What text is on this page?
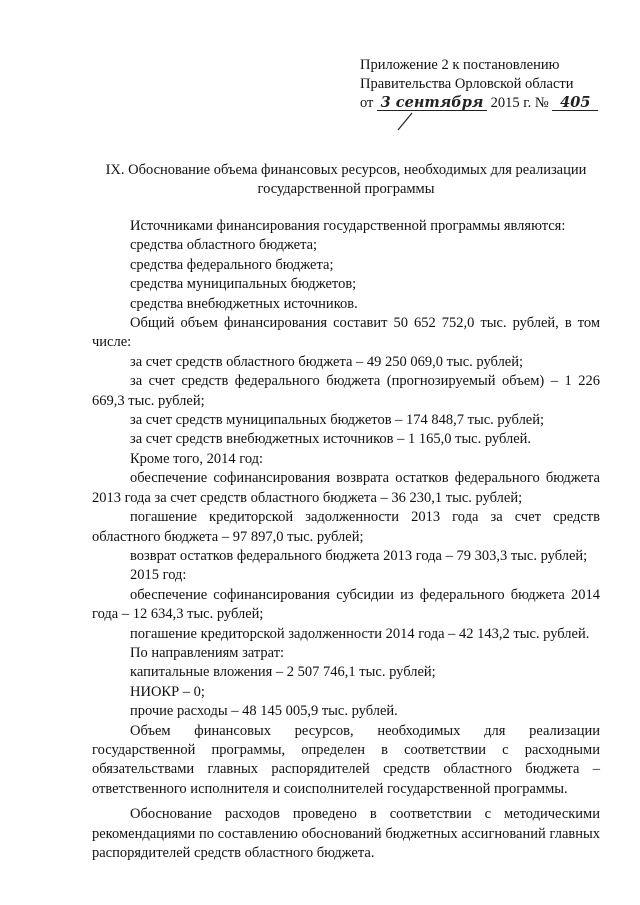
Приложение 2 к постановлению
Правительства Орловской области
от 3 сентября 2015 г. № 405
IX. Обоснование объема финансовых ресурсов, необходимых для реализации
государственной программы

Источниками финансирования государственной программы являются:

средства областного бюджета;

средства федерального бюджета;

средства муниципальных бюджетов;

средства внебюджетных источников.

Общий объем финансирования составит 50 652 752,0 тыс. рублей, в том числе:

за счет средств областного бюджета – 49 250 069,0 тыс. рублей;

за счет средств федерального бюджета (прогнозируемый объем) – 1 226 669,3 тыс. рублей;

за счет средств муниципальных бюджетов – 174 848,7 тыс. рублей;

за счет средств внебюджетных источников – 1 165,0 тыс. рублей.

Кроме того, 2014 год:

обеспечение софинансирования возврата остатков федерального бюджета 2013 года за счет средств областного бюджета – 36 230,1 тыс. рублей;

погашение кредиторской задолженности 2013 года за счет средств областного бюджета – 97 897,0 тыс. рублей;

возврат остатков федерального бюджета 2013 года – 79 303,3 тыс. рублей;

2015 год:

обеспечение софинансирования субсидии из федерального бюджета 2014 года – 12 634,3 тыс. рублей;

погашение кредиторской задолженности 2014 года – 42 143,2 тыс. рублей.

По направлениям затрат:

капитальные вложения – 2 507 746,1 тыс. рублей;

НИОКР – 0;

прочие расходы – 48 145 005,9 тыс. рублей.

Объем финансовых ресурсов, необходимых для реализации государственной программы, определен в соответствии с расходными обязательствами главных распорядителей средств областного бюджета – ответственного исполнителя и соисполнителей государственной программы.

Обоснование расходов проведено в соответствии с методическими рекомендациями по составлению обоснований бюджетных ассигнований главных распорядителей средств областного бюджета.
